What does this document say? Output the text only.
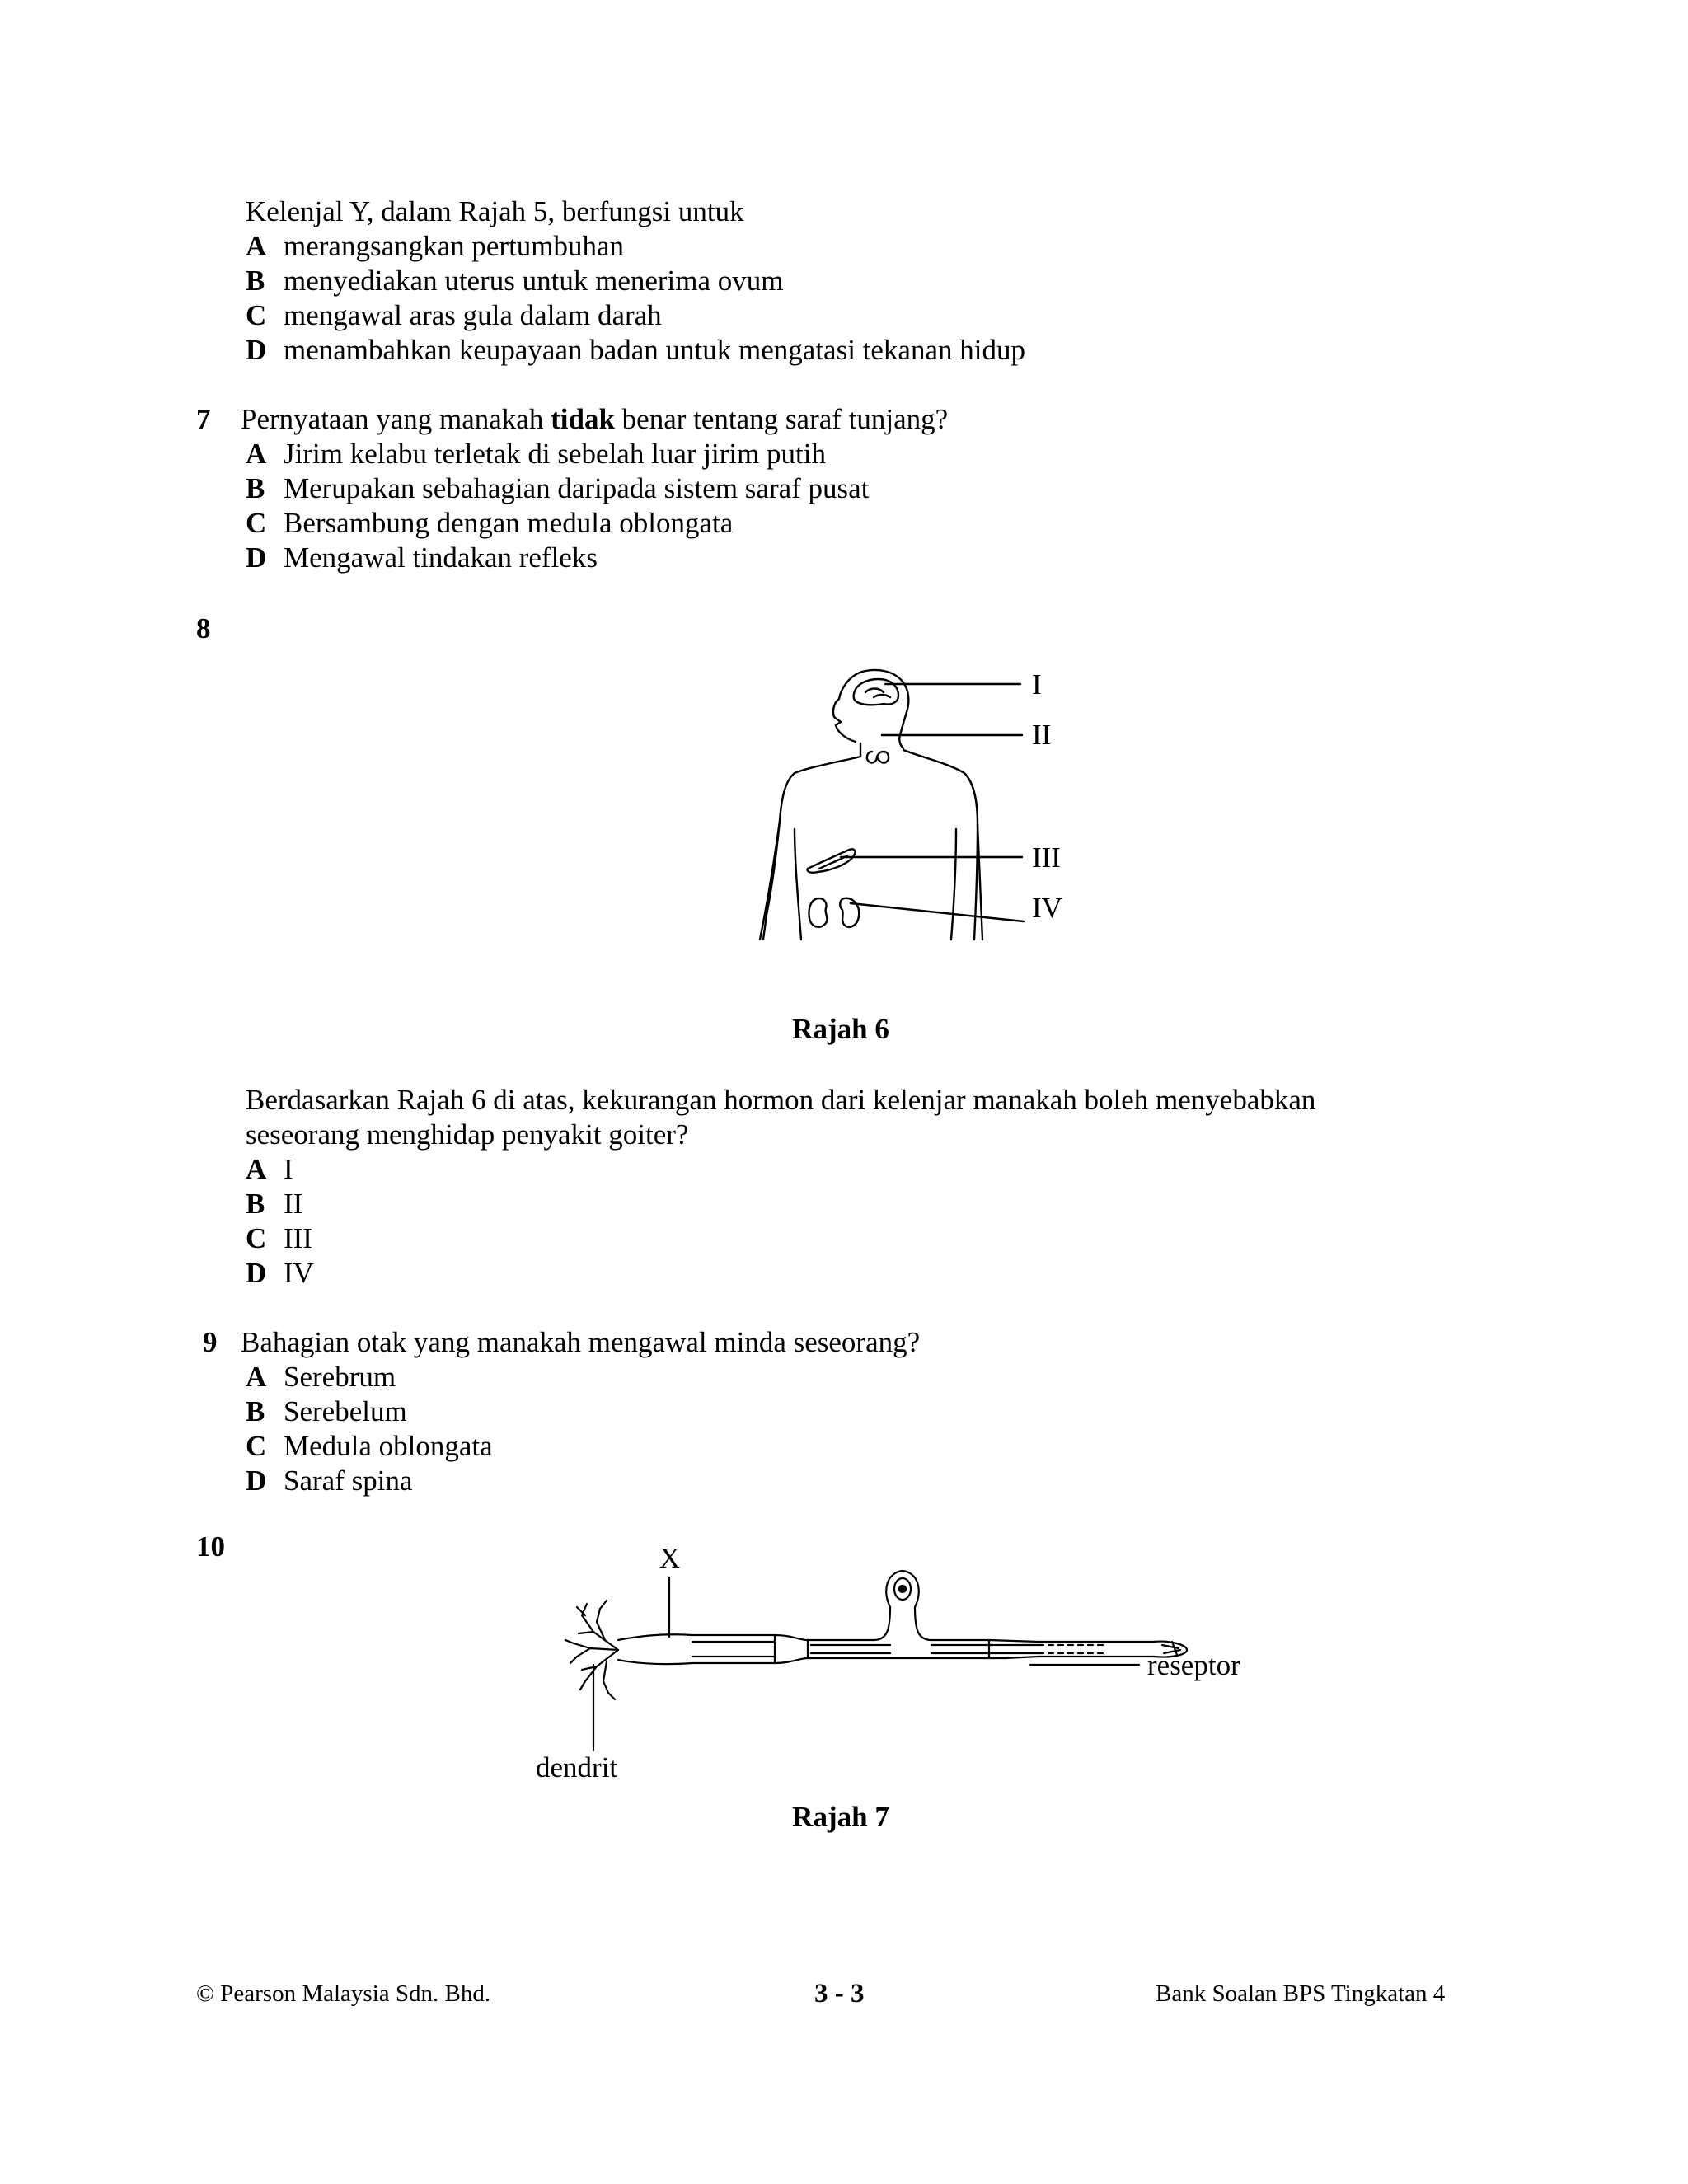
Kelenjal Y, dalam Rajah 5, berfungsi untuk
A merangsangkan pertumbuhan
B menyediakan uterus untuk menerima ovum
C mengawal aras gula dalam darah
D menambahkan keupayaan badan untuk mengatasi tekanan hidup
7 Pernyataan yang manakah tidak benar tentang saraf tunjang?
A Jirim kelabu terletak di sebelah luar jirim putih
B Merupakan sebahagian daripada sistem saraf pusat
C Bersambung dengan medula oblongata
D Mengawal tindakan refleks
8
I
II
III
IV
Rajah 6
Berdasarkan Rajah 6 di atas, kekurangan hormon dari kelenjar manakah boleh menyebabkan
seseorang menghidap penyakit goiter?
A I
B II
C III
D IV
9 Bahagian otak yang manakah mengawal minda seseorang?
A Serebrum
B Serebelum
C Medula oblongata
D Saraf spina
10	X
reseptor
dendrit
Rajah 7
© Pearson Malaysia Sdn. Bhd.	3 - 3	Bank Soalan BPS Tingkatan 4
